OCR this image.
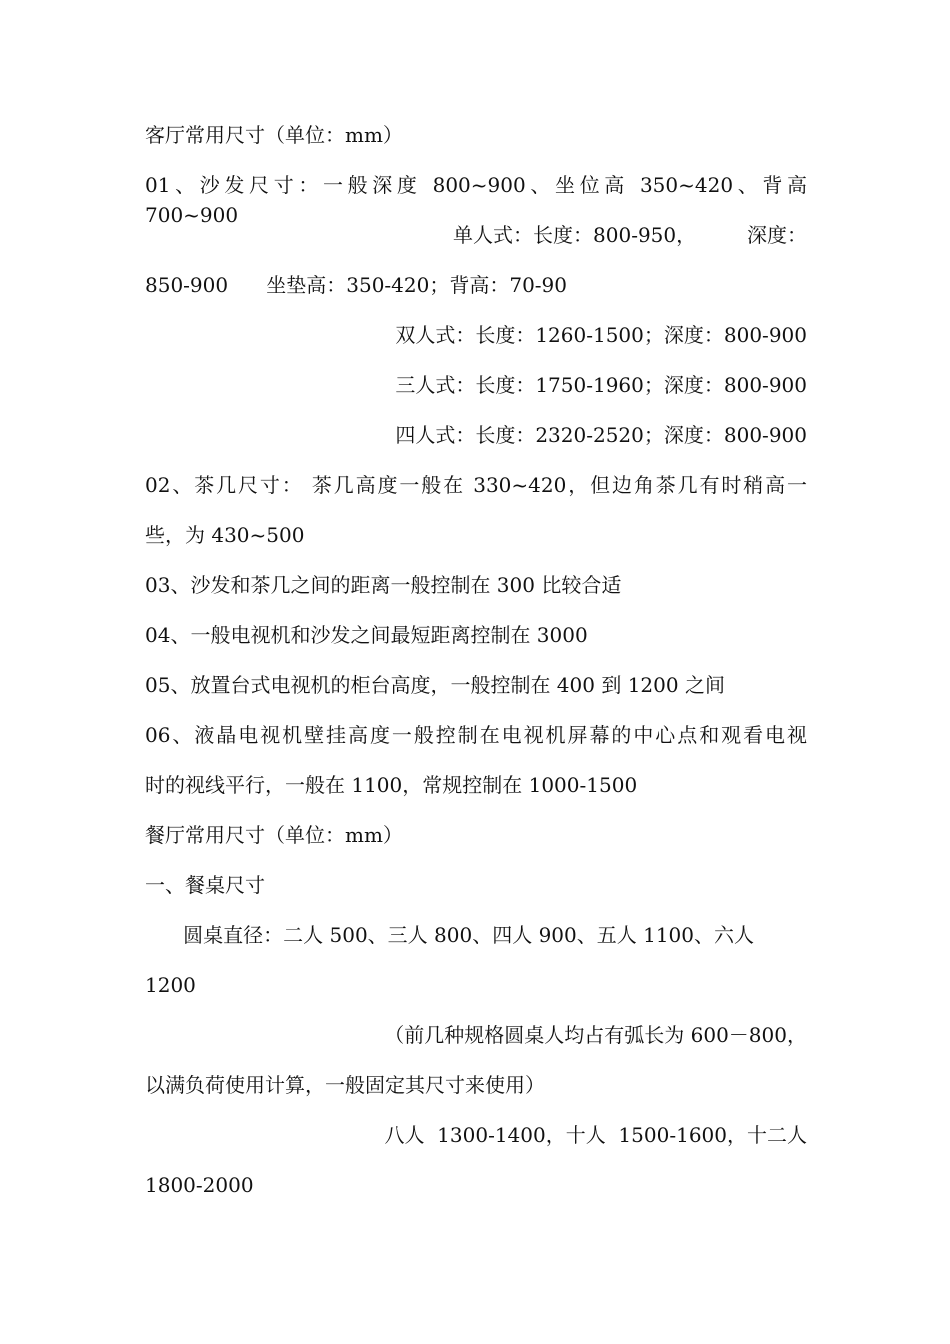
客厅常用尺寸（单位：mm）
01、沙发尺寸：一般深度 800~900、坐位高 350~420、背高 700~900
单人式：长度：800-950，        深度：
850-900      坐垫高：350-420；背高：70-90
双人式：长度：1260-1500；深度：800-900
三人式：长度：1750-1960；深度：800-900
四人式：长度：2320-2520；深度：800-900
02、茶几尺寸： 茶几高度一般在 330~420，但边角茶几有时稍高一
些，为 430~500
03、沙发和茶几之间的距离一般控制在 300 比较合适
04、一般电视机和沙发之间最短距离控制在 3000
05、放置台式电视机的柜台高度，一般控制在 400 到 1200 之间
06、液晶电视机壁挂高度一般控制在电视机屏幕的中心点和观看电视
时的视线平行，一般在 1100，常规控制在 1000-1500
餐厅常用尺寸（单位：mm）
一、餐桌尺寸
圆桌直径：二人 500、三人 800、四人 900、五人 1100、六人
1200
（前几种规格圆桌人均占有弧长为 600－800，
以满负荷使用计算，一般固定其尺寸来使用）
八人  1300-1400，十人  1500-1600，十二人
1800-2000
